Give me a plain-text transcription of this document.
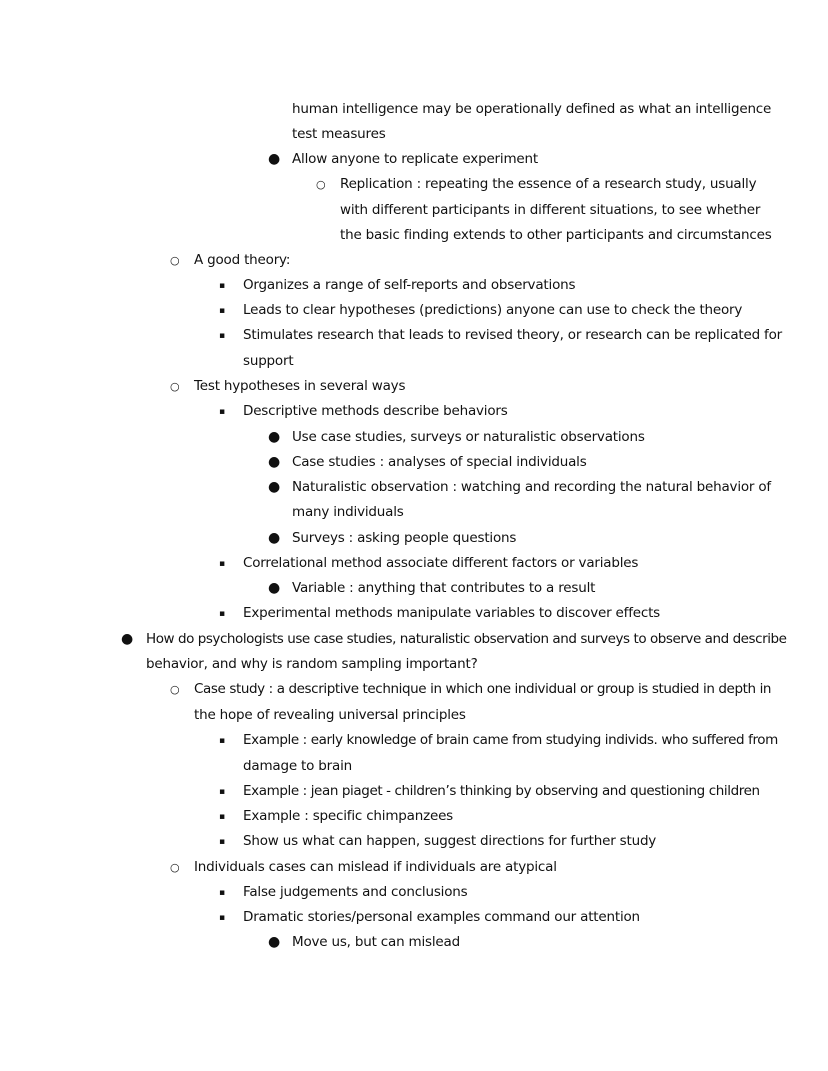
human intelligence may be operationally defined as what an intelligence
test measures
● Allow anyone to replicate experiment
○ Replication : repeating the essence of a research study, usually
with different participants in different situations, to see whether
the basic finding extends to other participants and circumstances
○ A good theory:
▪ Organizes a range of self-reports and observations
▪ Leads to clear hypotheses (predictions) anyone can use to check the theory
▪ Stimulates research that leads to revised theory, or research can be replicated for
support
○ Test hypotheses in several ways
▪ Descriptive methods describe behaviors
● Use case studies, surveys or naturalistic observations
● Case studies : analyses of special individuals
● Naturalistic observation : watching and recording the natural behavior of
many individuals
● Surveys : asking people questions
▪ Correlational method associate different factors or variables
● Variable : anything that contributes to a result
▪ Experimental methods manipulate variables to discover effects
● How do psychologists use case studies, naturalistic observation and surveys to observe and describe
behavior, and why is random sampling important?
○ Case study : a descriptive technique in which one individual or group is studied in depth in
the hope of revealing universal principles
▪ Example : early knowledge of brain came from studying individs. who suffered from
damage to brain
▪ Example : jean piaget - children’s thinking by observing and questioning children
▪ Example : specific chimpanzees
▪ Show us what can happen, suggest directions for further study
○ Individuals cases can mislead if individuals are atypical
▪ False judgements and conclusions
▪ Dramatic stories/personal examples command our attention
● Move us, but can mislead
